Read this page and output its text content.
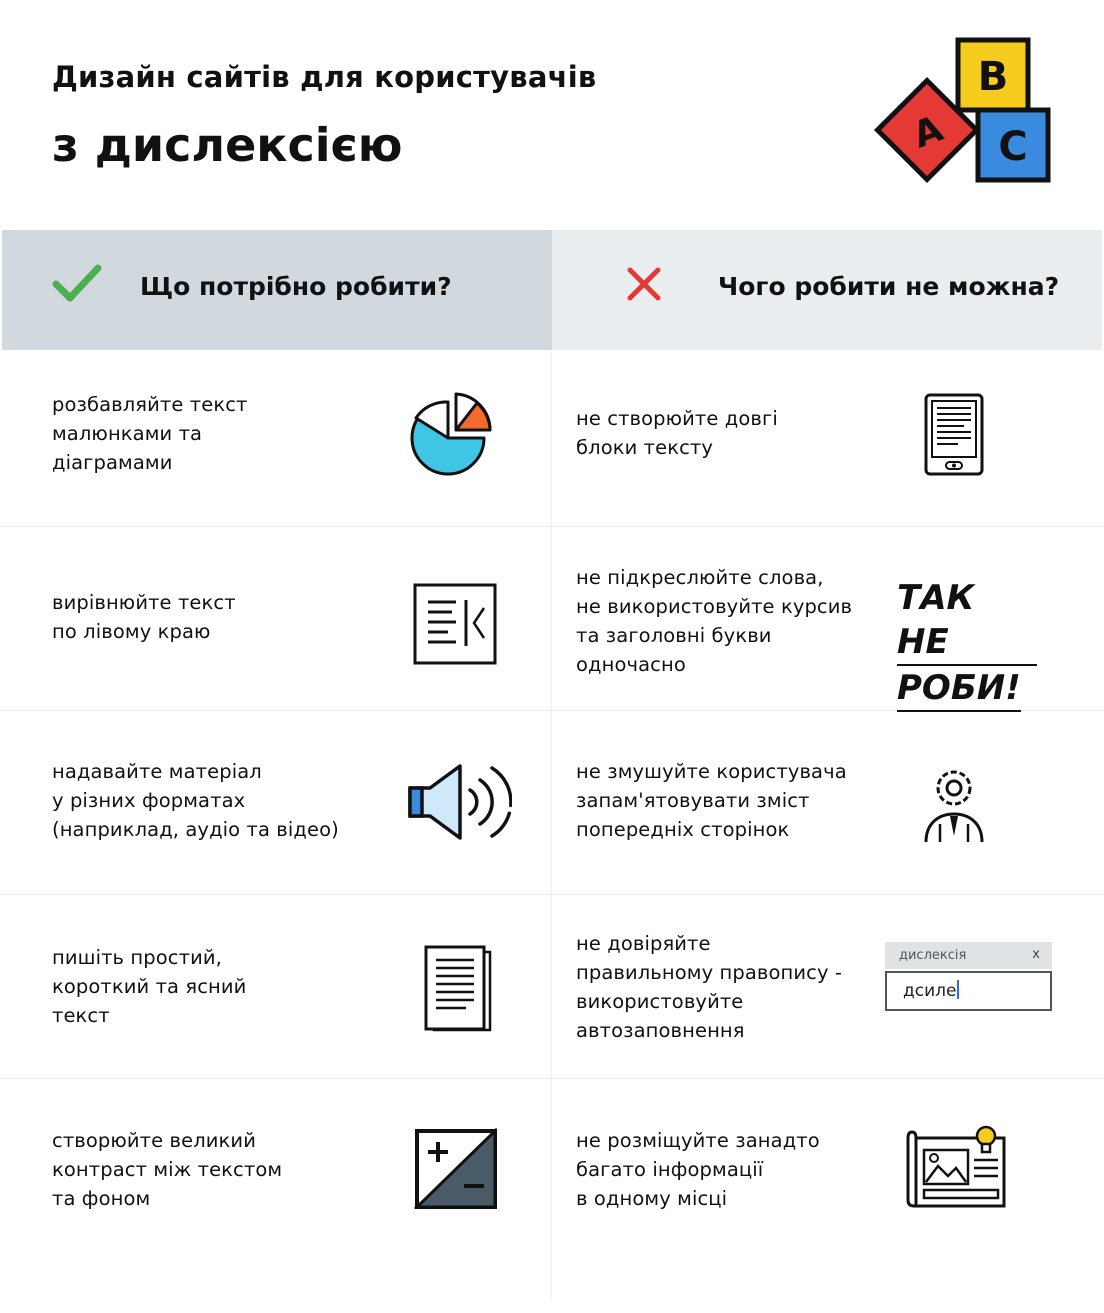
Дизайн сайтів для користувачів
з дислексією
B
A C
Що потрібно робити?	Чого робити не можна?
розбавляйте текст
малюнками та
діаграмами
не створюйте довгі
блоки тексту
вирівнюйте текст
по лівому краю
не підкреслюйте слова,
не використовуйте курсив
та заголовні букви
одночасно
ТАК НЕ
РОБИ!
надавайте матеріал
у різних форматах
(наприклад, аудіо та відео)
не змушуйте користувача
запам'ятовувати зміст
попередніх сторінок
пишіть простий,
короткий та ясний
текст
не довіряйте
правильному правопису -
використовуйте
автозаповнення
дислексія	x
дсиле
створюйте великий
контраст між текстом
та фоном
не розміщуйте занадто
багато інформації
в одному місці
